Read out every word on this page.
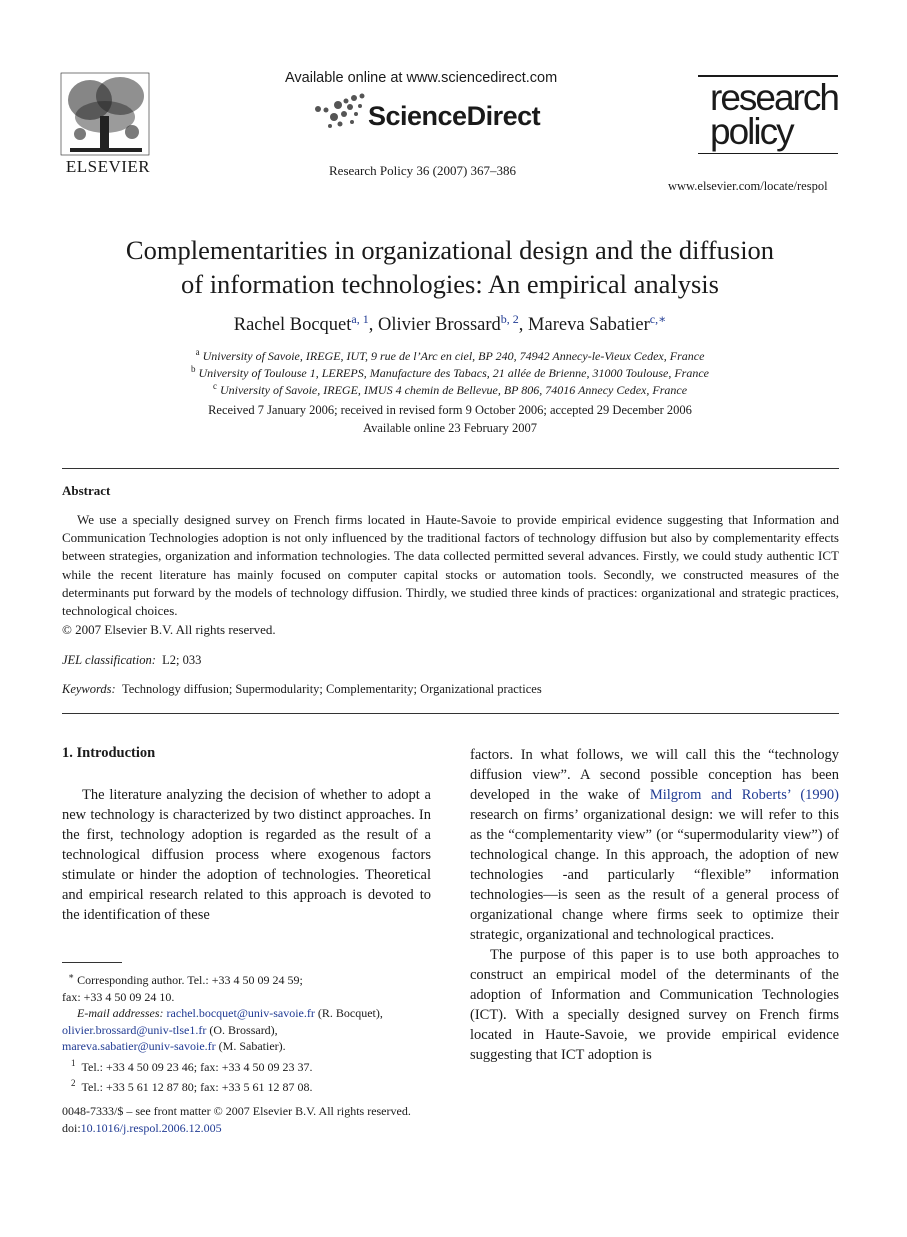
ELSEVIER
Available online at www.sciencedirect.com
ScienceDirect
Research Policy 36 (2007) 367–386
research
policy
www.elsevier.com/locate/respol
Complementarities in organizational design and the diffusion
of information technologies: An empirical analysis
Rachel Bocquet$^{a, 1}$, Olivier Brossard$^{b, 2}$, Mareva Sabatier$^{c,∗}$
$^a$ University of Savoie, IREGE, IUT, 9 rue de l’Arc en ciel, BP 240, 74942 Annecy-le-Vieux Cedex, France
$^b$ University of Toulouse 1, LEREPS, Manufacture des Tabacs, 21 allée de Brienne, 31000 Toulouse, France
$^c$ University of Savoie, IREGE, IMUS 4 chemin de Bellevue, BP 806, 74016 Annecy Cedex, France
Received 7 January 2006; received in revised form 9 October 2006; accepted 29 December 2006
Available online 23 February 2007
Abstract
We use a specially designed survey on French firms located in Haute-Savoie to provide empirical evidence suggesting that Information and Communication Technologies adoption is not only influenced by the traditional factors of technology diffusion but also by complementarity effects between strategies, organization and information technologies. The data collected permitted several advances. Firstly, we could study authentic ICT while the recent literature has mainly focused on computer capital stocks or automation tools. Secondly, we constructed measures of the determinants put forward by the models of technology diffusion. Thirdly, we studied three kinds of practices: organizational and strategic practices, technological choices.
© 2007 Elsevier B.V. All rights reserved.
JEL classification: L2; 033
Keywords: Technology diffusion; Supermodularity; Complementarity; Organizational practices
1. Introduction

The literature analyzing the decision of whether to adopt a new technology is characterized by two distinct approaches. In the first, technology adoption is regarded as the result of a technological diffusion process where exogenous factors stimulate or hinder the adoption of technologies. Theoretical and empirical research related to this approach is devoted to the identification of these

factors. In what follows, we will call this the “technology diffusion view”. A second possible conception has been developed in the wake of Milgrom and Roberts’ (1990) research on firms’ organizational design: we will refer to this as the “complementarity view” (or “supermodularity view”) of technological change. In this approach, the adoption of new technologies -and particularly “flexible” information technologies—is seen as the result of a general process of organizational change where firms seek to optimize their strategic, organizational and technological practices.

The purpose of this paper is to use both approaches to construct an empirical model of the determinants of the adoption of Information and Communication Technologies (ICT). With a specially designed survey on French firms located in Haute-Savoie, we provide empirical evidence suggesting that ICT adoption is

∗ Corresponding author. Tel.: +33 4 50 09 24 59;
fax: +33 4 50 09 24 10.
E-mail addresses: rachel.bocquet@univ-savoie.fr (R. Bocquet),
olivier.brossard@univ-tlse1.fr (O. Brossard),
mareva.sabatier@univ-savoie.fr (M. Sabatier).
$^1$ Tel.: +33 4 50 09 23 46; fax: +33 4 50 09 23 37.
$^2$ Tel.: +33 5 61 12 87 80; fax: +33 5 61 12 87 08.
0048-7333/$ – see front matter © 2007 Elsevier B.V. All rights reserved.
doi:10.1016/j.respol.2006.12.005
